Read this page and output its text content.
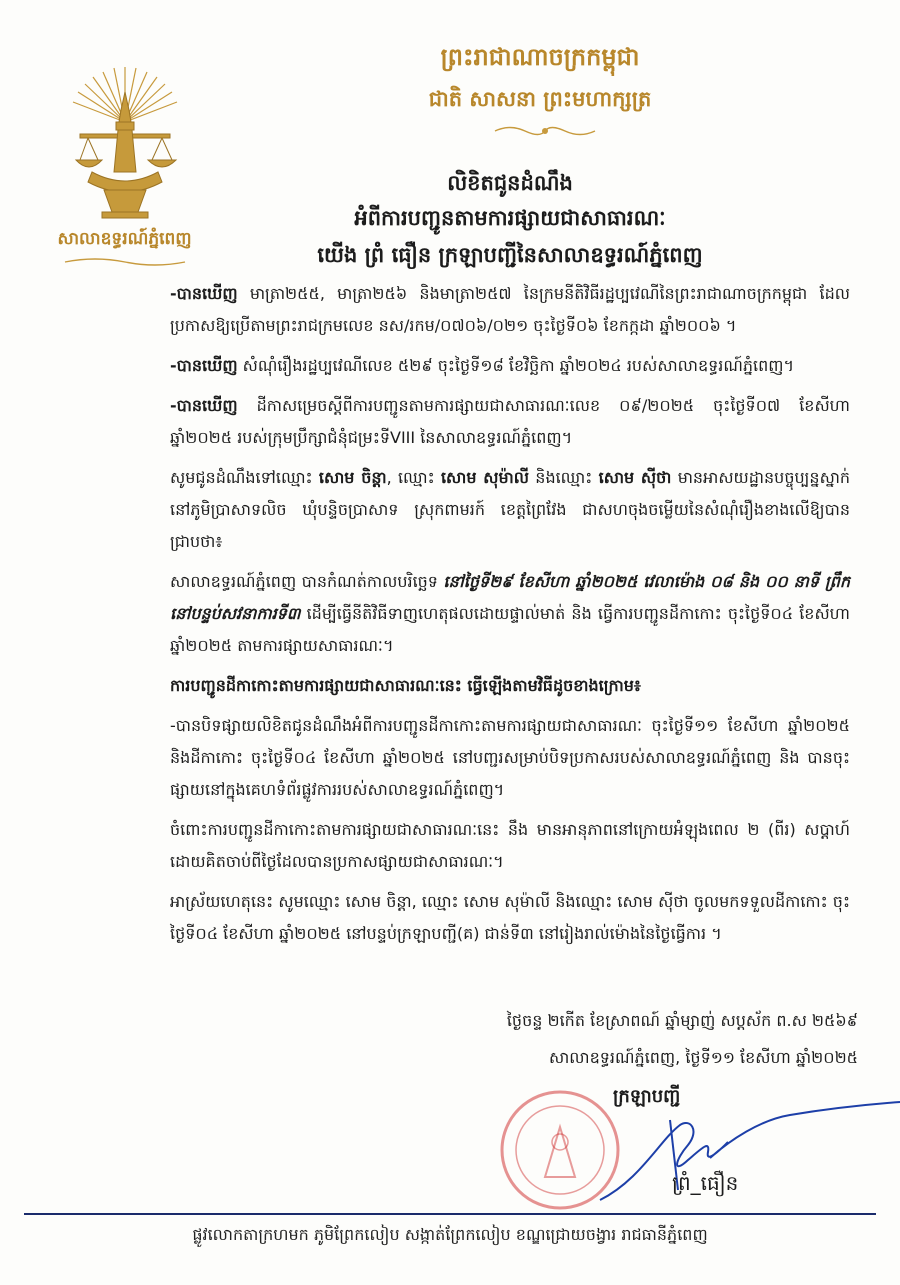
សាលាឧទ្ធរណ៍ភ្នំពេញ
ព្រះរាជាណាចក្រកម្ពុជា
ជាតិ សាសនា ព្រះមហាក្សត្រ
លិខិតជូនដំណឹង
អំពីការបញ្ជូនតាមការផ្សាយជាសាធារណៈ
យើង ព្រំ ធឿន ក្រឡាបញ្ជីនៃសាលាឧទ្ធរណ៍ភ្នំពេញ

-បានឃើញ មាត្រា២៥៥, មាត្រា២៥៦ និងមាត្រា២៥៧ នៃក្រមនីតិវិធីរដ្ឋប្បវេណីនៃព្រះរាជាណាចក្រកម្ពុជា ដែលប្រកាសឱ្យប្រើតាមព្រះរាជក្រមលេខ នស/រកម/០៧០៦/០២១ ចុះថ្ងៃទី០៦ ខែកក្កដា ឆ្នាំ២០០៦ ។

-បានឃើញ សំណុំរឿងរដ្ឋប្បវេណីលេខ ៥២៩ ចុះថ្ងៃទី១៨ ខែវិច្ឆិកា ឆ្នាំ២០២៤ របស់សាលាឧទ្ធរណ៍ភ្នំពេញ។

-បានឃើញ ដីកាសម្រេចស្តីពីការបញ្ជូនតាមការផ្សាយជាសាធារណៈលេខ ០៩/២០២៥ ចុះថ្ងៃទី០៧ ខែសីហា ឆ្នាំ២០២៥ របស់ក្រុមប្រឹក្សាជំនុំជម្រះទីVIII នៃសាលាឧទ្ធរណ៍ភ្នំពេញ។

សូមជូនដំណឹងទៅឈ្មោះ សោម ចិន្តា, ឈ្មោះ សោម សុម៉ាលី និងឈ្មោះ សោម ស៊ីថា មានអាសយដ្ឋានបច្ចុប្បន្នស្នាក់នៅភូមិប្រាសាទលិច ឃុំបន្ទិចប្រាសាទ ស្រុកពាមរក៍ ខេត្តព្រៃវែង ជាសហចុងចម្លើយនៃសំណុំរឿងខាងលើឱ្យបានជ្រាបថា៖

សាលាឧទ្ធរណ៍ភ្នំពេញ បានកំណត់កាលបរិច្ឆេទ នៅថ្ងៃទី២៩ ខែសីហា ឆ្នាំ២០២៥ វេលាម៉ោង ០៨ និង ០០ នាទី ព្រឹក នៅបន្ទប់សវនាការទី៣ ដើម្បីធ្វើនីតិវិធីទាញហេតុផលដោយផ្ទាល់មាត់ និង ធ្វើការបញ្ជូនដីកាកោះ ចុះថ្ងៃទី០៤ ខែសីហា ឆ្នាំ២០២៥ តាមការផ្សាយសាធារណៈ។

ការបញ្ជូនដីកាកោះតាមការផ្សាយជាសាធារណៈនេះ ធ្វើឡើងតាមវិធីដូចខាងក្រោម៖

-បានបិទផ្សាយលិខិតជូនដំណឹងអំពីការបញ្ជូនដីកាកោះតាមការផ្សាយជាសាធារណៈ ចុះថ្ងៃទី១១ ខែសីហា ឆ្នាំ២០២៥ និងដីកាកោះ ចុះថ្ងៃទី០៤ ខែសីហា ឆ្នាំ២០២៥ នៅបញ្ជរសម្រាប់បិទប្រកាសរបស់សាលាឧទ្ធរណ៍ភ្នំពេញ និង បានចុះផ្សាយនៅក្នុងគេហទំព័រផ្លូវការរបស់សាលាឧទ្ធរណ៍ភ្នំពេញ។

ចំពោះការបញ្ជូនដីកាកោះតាមការផ្សាយជាសាធារណៈនេះ នឹង មានអានុភាពនៅក្រោយអំឡុងពេល ២ (ពីរ) សប្តាហ៍ ដោយគិតចាប់ពីថ្ងៃដែលបានប្រកាសផ្សាយជាសាធារណៈ។

អាស្រ័យហេតុនេះ សូមឈ្មោះ សោម ចិន្តា, ឈ្មោះ សោម សុម៉ាលី និងឈ្មោះ សោម ស៊ីថា ចូលមកទទួលដីកាកោះ ចុះថ្ងៃទី០៤ ខែសីហា ឆ្នាំ២០២៥ នៅបន្ទប់ក្រឡាបញ្ជី(គ) ជាន់ទី៣ នៅរៀងរាល់ម៉ោងនៃថ្ងៃធ្វើការ ។

ថ្ងៃចន្ទ ២កើត ខែស្រាពណ៍ ឆ្នាំម្សាញ់ សប្តស័ក ព.ស ២៥៦៩
សាលាឧទ្ធរណ៍ភ្នំពេញ, ថ្ងៃទី១១ ខែសីហា ឆ្នាំ២០២៥
ក្រឡាបញ្ជី
ព្រំ_ធឿន
ផ្លូវលោកតាក្រហមក ភូមិព្រែកលៀប សង្កាត់ព្រែកលៀប ខណ្ឌជ្រោយចង្វារ រាជធានីភ្នំពេញ
